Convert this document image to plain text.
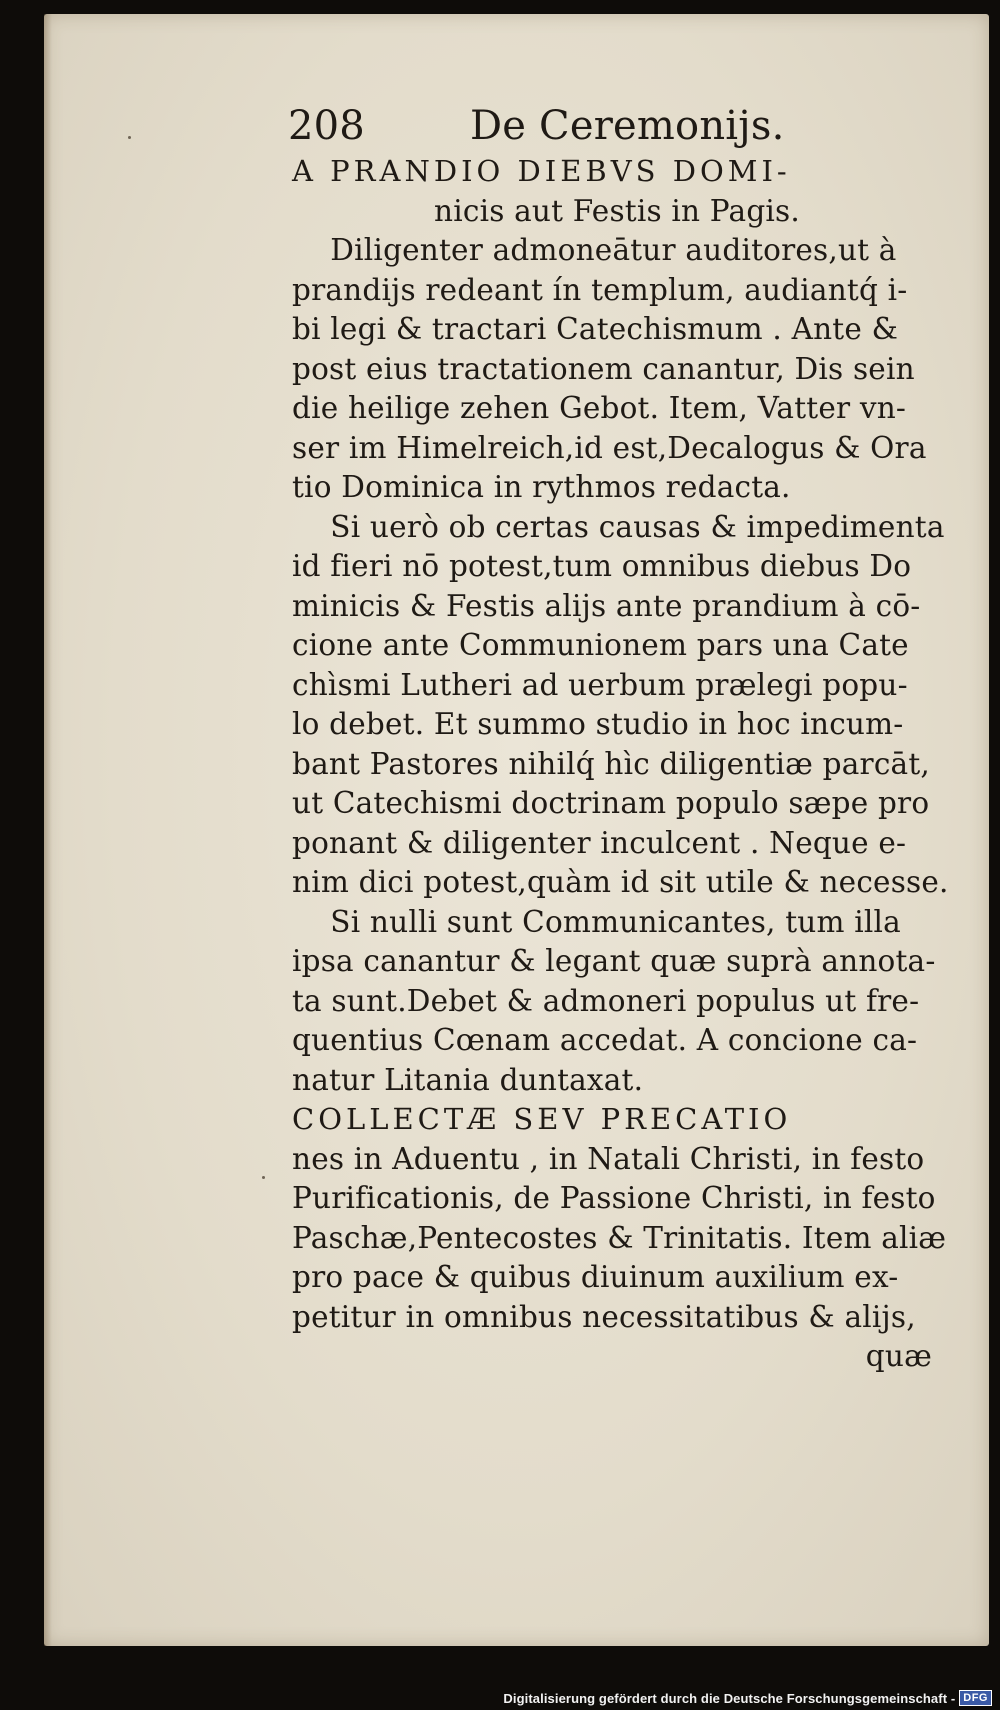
208	De Ceremonijs.
A PRANDIO DIEBVS DOMI-
nicis aut Festis in Pagis.
Diligenter admoneātur auditores,ut à
prandijs redeant ín templum, audiantq́ i-
bi legi & tractari Catechismum . Ante &
post eius tractationem canantur, Dis sein
die heilige zehen Gebot. Item, Vatter vn-
ser im Himelreich,id est,Decalogus & Ora
tio Dominica in rythmos redacta.
Si uerò ob certas causas & impedimenta
id fieri nō potest,tum omnibus diebus Do
minicis & Festis alijs ante prandium à cō-
cione ante Communionem pars una Cate
chìsmi Lutheri ad uerbum prælegi popu-
lo debet. Et summo studio in hoc incum-
bant Pastores nihilq́ hìc diligentiæ parcāt,
ut Catechismi doctrinam populo sæpe pro
ponant & diligenter inculcent . Neque e-
nim dici potest,quàm id sit utile & necesse.
Si nulli sunt Communicantes, tum illa
ipsa canantur & legant quæ suprà annota-
ta sunt.Debet & admoneri populus ut fre-
quentius Cœnam accedat. A concione ca-
natur Litania duntaxat.
COLLECTÆ SEV PRECATIO
nes in Aduentu , in Natali Christi, in festo
Purificationis, de Passione Christi, in festo
Paschæ,Pentecostes & Trinitatis. Item aliæ
pro pace & quibus diuinum auxilium ex-
petitur in omnibus necessitatibus & alijs,
quæ
Digitalisierung gefördert durch die Deutsche Forschungsgemeinschaft - DFG
